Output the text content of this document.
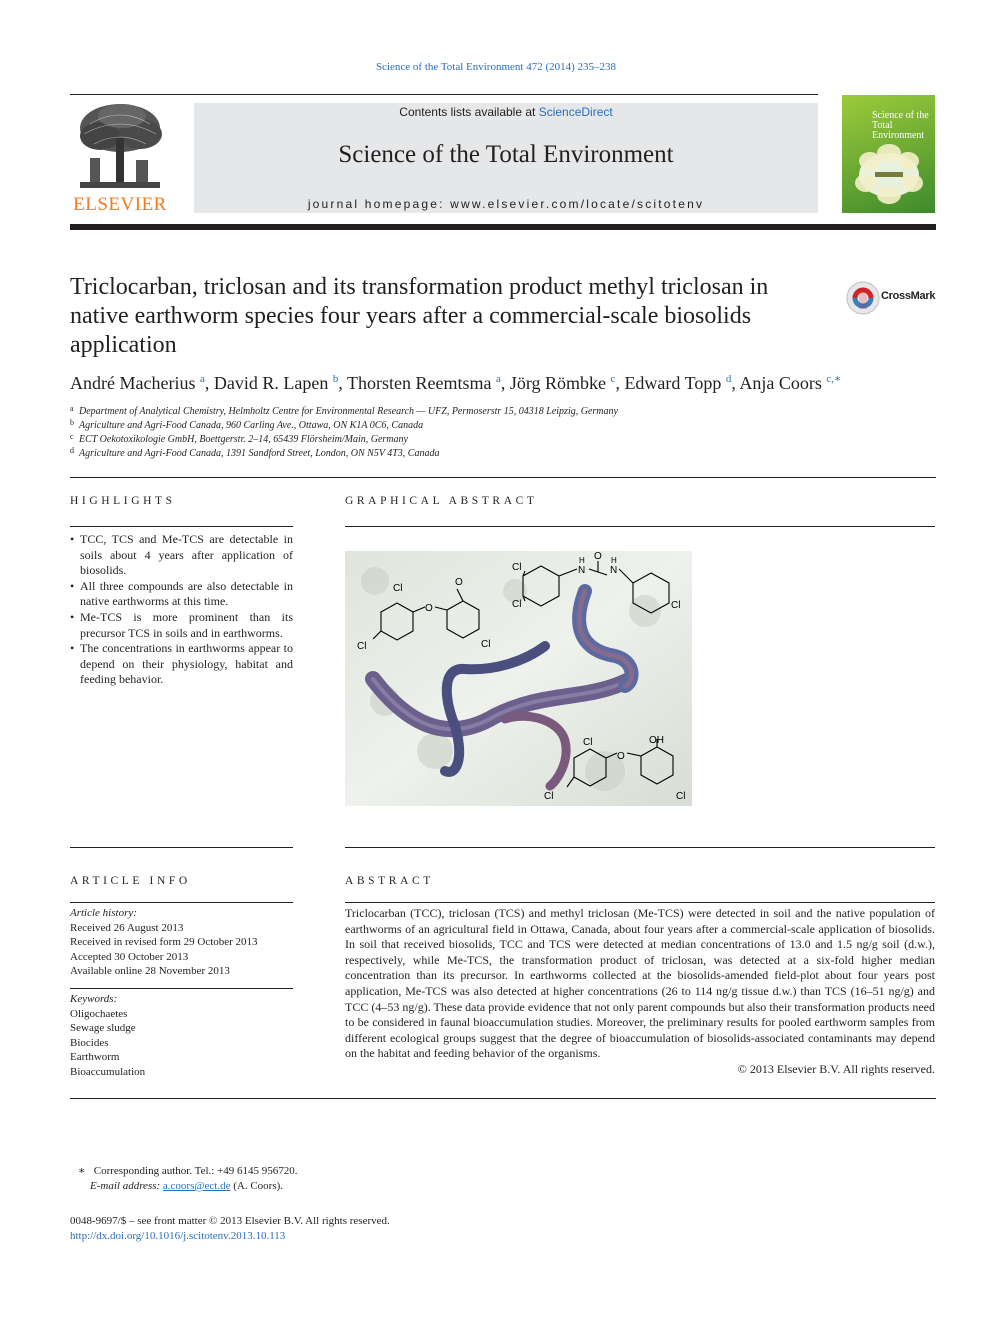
Science of the Total Environment 472 (2014) 235–238
ELSEVIER
Contents lists available at ScienceDirect
Science of the Total Environment
journal homepage: www.elsevier.com/locate/scitotenv
Science of the Total Environment
Triclocarban, triclosan and its transformation product methyl triclosan in native earthworm species four years after a commercial-scale biosolids application
CrossMark
André Macherius $^a$, David R. Lapen $^b$, Thorsten Reemtsma $^a$, Jörg Römbke $^c$, Edward Topp $^d$, Anja Coors $^{c,∗}$
a Department of Analytical Chemistry, Helmholtz Centre for Environmental Research — UFZ, Permoserstr 15, 04318 Leipzig, Germany
b Agriculture and Agri-Food Canada, 960 Carling Ave., Ottawa, ON K1A 0C6, Canada
c ECT Oekotoxikologie GmbH, Boettgerstr. 2–14, 65439 Flörsheim/Main, Germany
d Agriculture and Agri-Food Canada, 1391 Sandford Street, London, ON N5V 4T3, Canada
HIGHLIGHTS
• TCC, TCS and Me-TCS are detectable in soils about 4 years after application of biosolids.
• All three compounds are also detectable in native earthworms at this time.
• Me-TCS is more prominent than its precursor TCS in soils and in earthworms.
• The concentrations in earthworms appear to depend on their physiology, habitat and feeding behavior.
GRAPHICAL ABSTRACT
Cl
Cl
N
H O
N
H
Cl
Cl
O
O
Cl	Cl
Cl
O
OH
Cl	Cl
ARTICLE INFO
Article history:
Received 26 August 2013
Received in revised form 29 October 2013
Accepted 30 October 2013
Available online 28 November 2013
Keywords:
Oligochaetes
Sewage sludge
Biocides
Earthworm
Bioaccumulation
ABSTRACT
Triclocarban (TCC), triclosan (TCS) and methyl triclosan (Me-TCS) were detected in soil and the native population of earthworms of an agricultural field in Ottawa, Canada, about four years after a commercial-scale application of biosolids. In soil that received biosolids, TCC and TCS were detected at median concentrations of 13.0 and 1.5 ng/g soil (d.w.), respectively, while Me-TCS, the transformation product of triclosan, was detected at a six-fold higher median concentration than its precursor. In earthworms collected at the biosolids-amended field-plot about four years post application, Me-TCS was also detected at higher concentrations (26 to 114 ng/g tissue d.w.) than TCS (16–51 ng/g) and TCC (4–53 ng/g). These data provide evidence that not only parent compounds but also their transformation products need to be considered in faunal bioaccumulation studies. Moreover, the preliminary results for pooled earthworm samples from different ecological groups suggest that the degree of bioaccumulation of biosolids-associated contaminants may depend on the habitat and feeding behavior of the organisms.
© 2013 Elsevier B.V. All rights reserved.
∗ Corresponding author. Tel.: +49 6145 956720.
E-mail address: a.coors@ect.de (A. Coors).
0048-9697/$ – see front matter © 2013 Elsevier B.V. All rights reserved.
http://dx.doi.org/10.1016/j.scitotenv.2013.10.113
